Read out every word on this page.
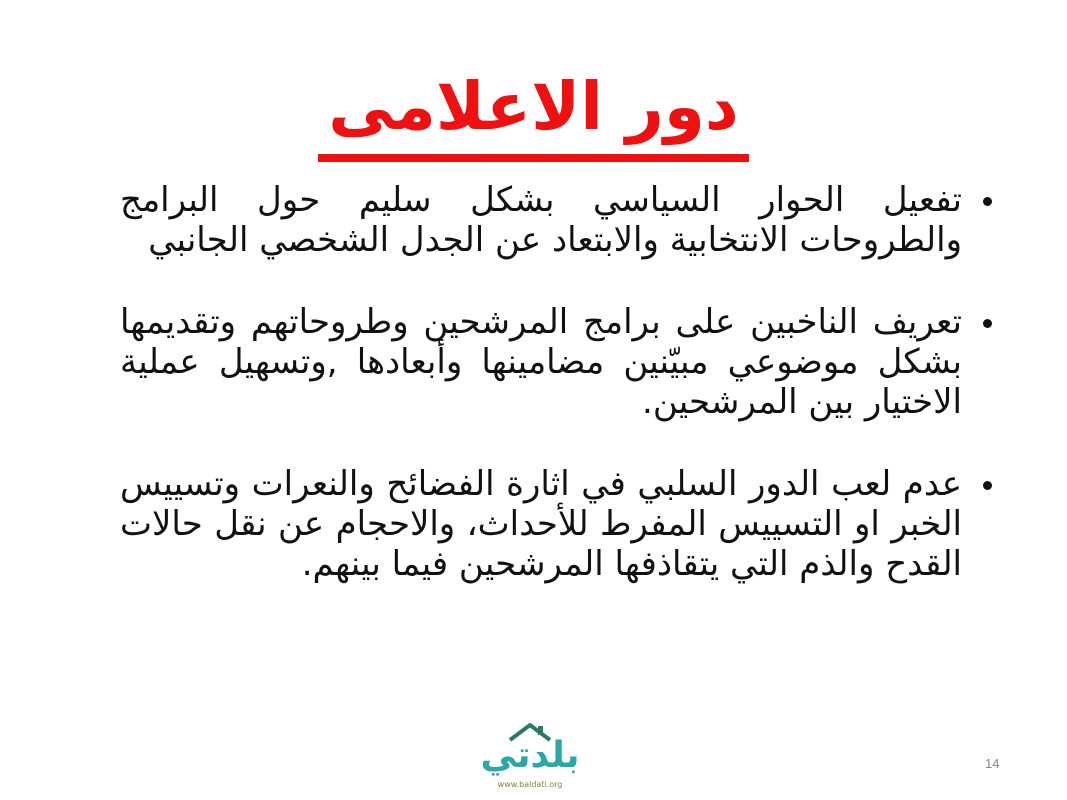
دور الاعلامى
تفعيل الحوار السياسي بشكل سليم حول البرامج والطروحات الانتخابية والابتعاد عن الجدل الشخصي الجانبي
تعريف الناخبين على برامج المرشحين وطروحاتهم وتقديمها بشكل موضوعي مبيّنين مضامينها وأبعادها ,وتسهيل عملية الاختيار بين المرشحين.
عدم لعب الدور السلبي في اثارة الفضائح والنعرات وتسييس الخبر او التسييس المفرط للأحداث، والاحجام عن نقل حالات القدح والذم التي يتقاذفها المرشحين فيما بينهم.
بلدتي
www.baldati.org
14
